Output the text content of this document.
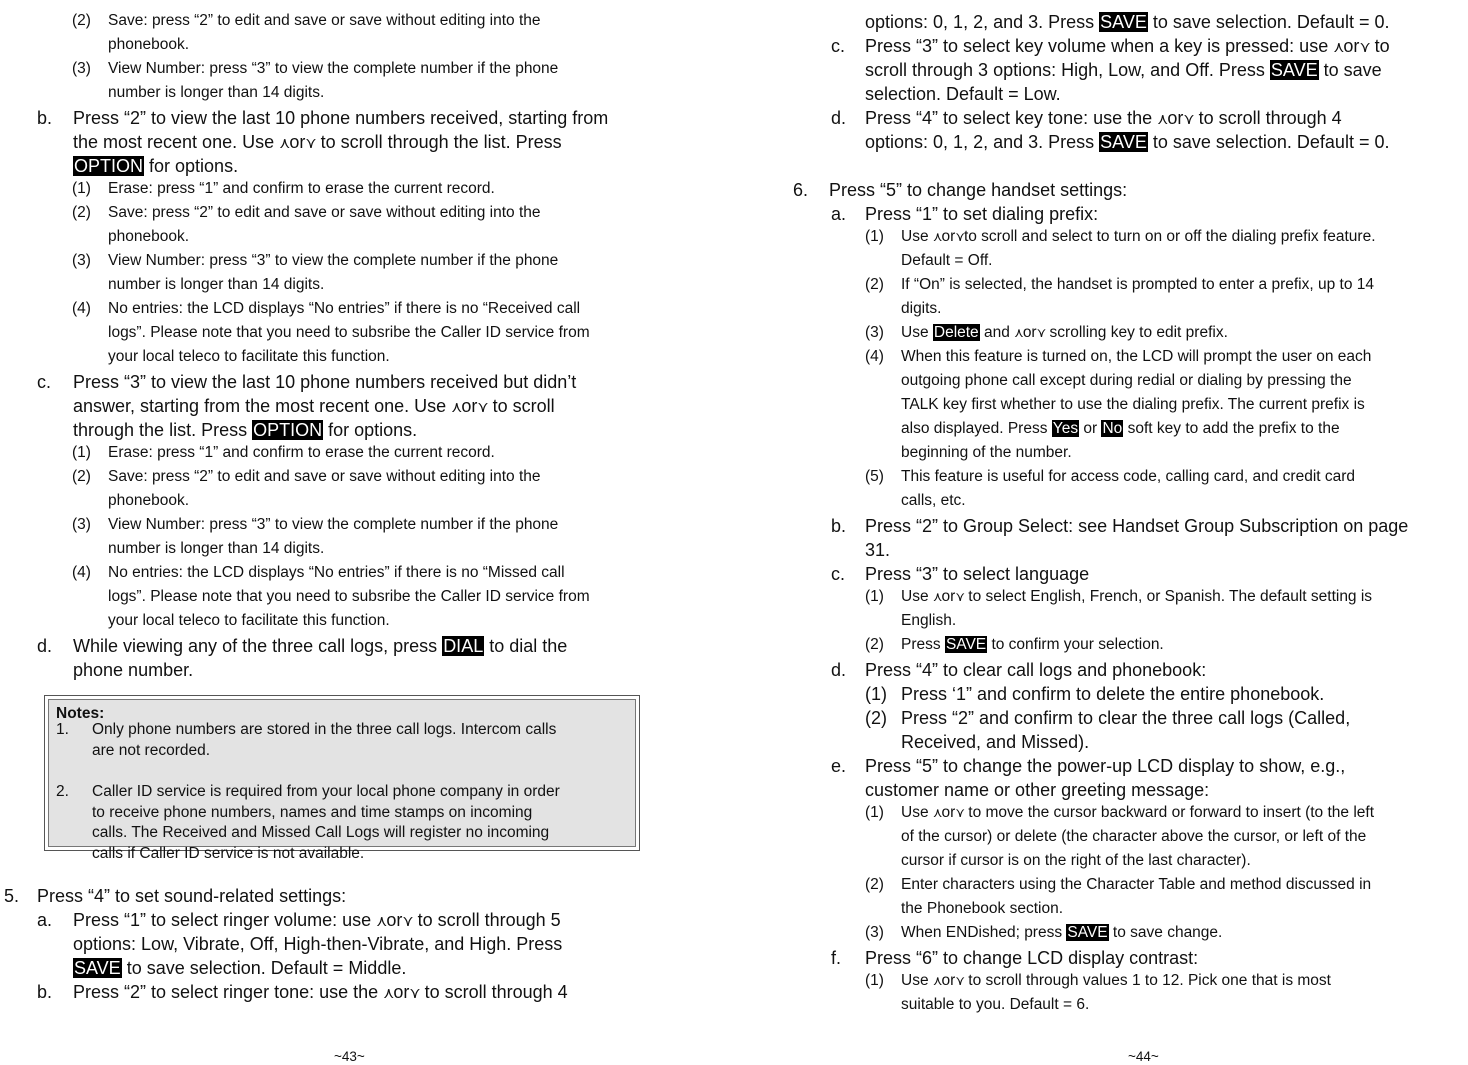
(2) Save: press “2” to edit and save or save without editing into the
phonebook.
(3) View Number: press “3” to view the complete number if the phone
number is longer than 14 digits.
b. Press “2” to view the last 10 phone numbers received, starting from
the most recent one. Use ⋏or⋎ to scroll through the list. Press
OPTION for options.
(1) Erase: press “1” and confirm to erase the current record.
(2) Save: press “2” to edit and save or save without editing into the
phonebook.
(3) View Number: press “3” to view the complete number if the phone
number is longer than 14 digits.
(4) No entries: the LCD displays “No entries” if there is no “Received call
logs”. Please note that you need to subsribe the Caller ID service from
your local teleco to facilitate this function.
c. Press “3” to view the last 10 phone numbers received but didn’t
answer, starting from the most recent one. Use ⋏or⋎ to scroll
through the list. Press OPTION for options.
(1) Erase: press “1” and confirm to erase the current record.
(2) Save: press “2” to edit and save or save without editing into the
phonebook.
(3) View Number: press “3” to view the complete number if the phone
number is longer than 14 digits.
(4) No entries: the LCD displays “No entries” if there is no “Missed call
logs”. Please note that you need to subsribe the Caller ID service from
your local teleco to facilitate this function.
d. While viewing any of the three call logs, press DIAL to dial the
phone number.
5. Press “4” to set sound-related settings:
a. Press “1” to select ringer volume: use ⋏or⋎ to scroll through 5
options: Low, Vibrate, Off, High-then-Vibrate, and High. Press
SAVE to save selection. Default = Middle.
b. Press “2” to select ringer tone: use the ⋏or⋎ to scroll through 4
options: 0, 1, 2, and 3. Press SAVE to save selection. Default = 0.
c. Press “3” to select key volume when a key is pressed: use ⋏or⋎ to
scroll through 3 options: High, Low, and Off. Press SAVE to save
selection. Default = Low.
d. Press “4” to select key tone: use the ⋏or⋎ to scroll through 4
options: 0, 1, 2, and 3. Press SAVE to save selection. Default = 0.
6. Press “5” to change handset settings:
a. Press “1” to set dialing prefix:
(1) Use ⋏or⋎to scroll and select to turn on or off the dialing prefix feature.
Default = Off.
(2) If “On” is selected, the handset is prompted to enter a prefix, up to 14
digits.
(3) Use Delete and ⋏or⋎ scrolling key to edit prefix.
(4) When this feature is turned on, the LCD will prompt the user on each
outgoing phone call except during redial or dialing by pressing the
TALK key first whether to use the dialing prefix. The current prefix is
also displayed. Press Yes or No soft key to add the prefix to the
beginning of the number.
(5) This feature is useful for access code, calling card, and credit card
calls, etc.
b. Press “2” to Group Select: see Handset Group Subscription on page
31.
c. Press “3” to select language
(1) Use ⋏or⋎ to select English, French, or Spanish. The default setting is
English.
(2) Press SAVE to confirm your selection.
d. Press “4” to clear call logs and phonebook:
(1) Press ‘1” and confirm to delete the entire phonebook.
(2) Press “2” and confirm to clear the three call logs (Called,
Received, and Missed).
e. Press “5” to change the power-up LCD display to show, e.g.,
customer name or other greeting message:
(1) Use ⋏or⋎ to move the cursor backward or forward to insert (to the left
of the cursor) or delete (the character above the cursor, or left of the
cursor if cursor is on the right of the last character).
(2) Enter characters using the Character Table and method discussed in
the Phonebook section.
(3) When ENDished; press SAVE to save change.
f. Press “6” to change LCD display contrast:
(1) Use ⋏or⋎ to scroll through values 1 to 12. Pick one that is most
suitable to you. Default = 6.
Notes:
1. Only phone numbers are stored in the three call logs. Intercom calls
are not recorded.
2. Caller ID service is required from your local phone company in order
to receive phone numbers, names and time stamps on incoming
calls. The Received and Missed Call Logs will register no incoming
calls if Caller ID service is not available.
~43~	~44~
